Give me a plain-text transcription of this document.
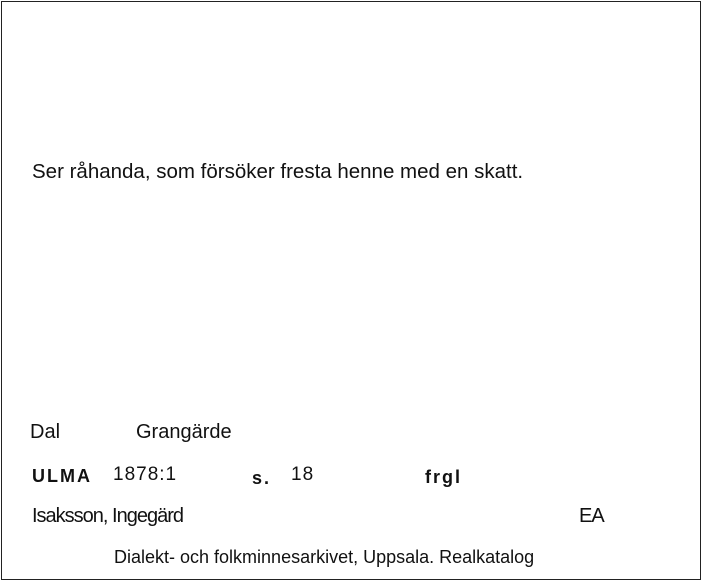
Ser råhanda, som försöker fresta henne med en skatt.
Dal	Grangärde
ULMA 1878:1	s. 18	frgl
Isaksson, Ingegärd	EA
Dialekt- och folkminnesarkivet, Uppsala. Realkatalog
